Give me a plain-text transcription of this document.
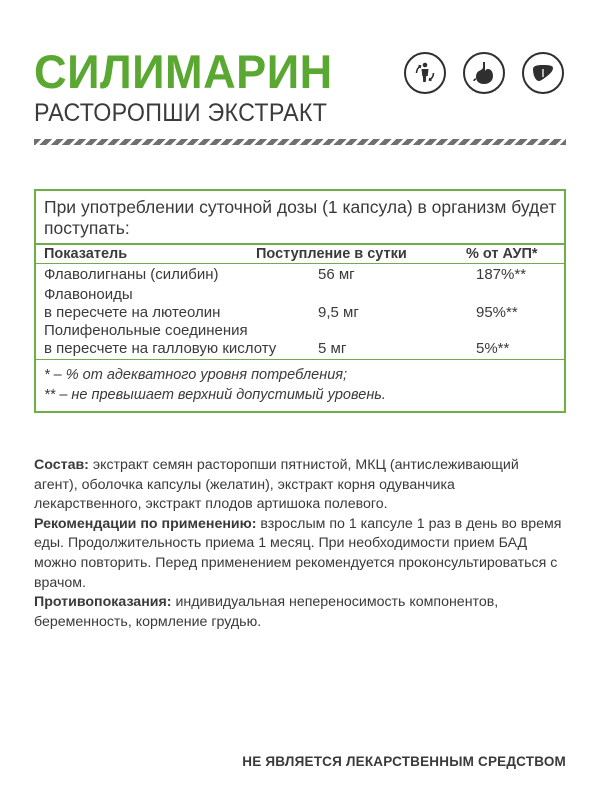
СИЛИМАРИН
РАСТОРОПШИ ЭКСТРАКТ
При употреблении суточной дозы (1 капсула) в организм будет поступать:
Показатель	Поступление в сутки	% от АУП*
Флаволигнаны (силибин)	56 мг	187%**
Флавоноиды
в пересчете на лютеолин	9,5 мг	95%**
Полифенольные соединения
в пересчете на галловую кислоту	5 мг	5%**
* – % от адекватного уровня потребления;
** – не превышает верхний допустимый уровень.
Состав: экстракт семян расторопши пятнистой, МКЦ (антислеживающий агент), оболочка капсулы (желатин), экстракт корня одуванчика лекарственного, экстракт плодов артишока полевого.
Рекомендации по применению: взрослым по 1 капсуле 1 раз в день во время еды. Продолжительность приема 1 месяц. При необходимости прием БАД можно повторить. Перед применением рекомендуется проконсультироваться с врачом.
Противопоказания: индивидуальная непереносимость компонентов, беременность, кормление грудью.
НЕ ЯВЛЯЕТСЯ ЛЕКАРСТВЕННЫМ СРЕДСТВОМ
